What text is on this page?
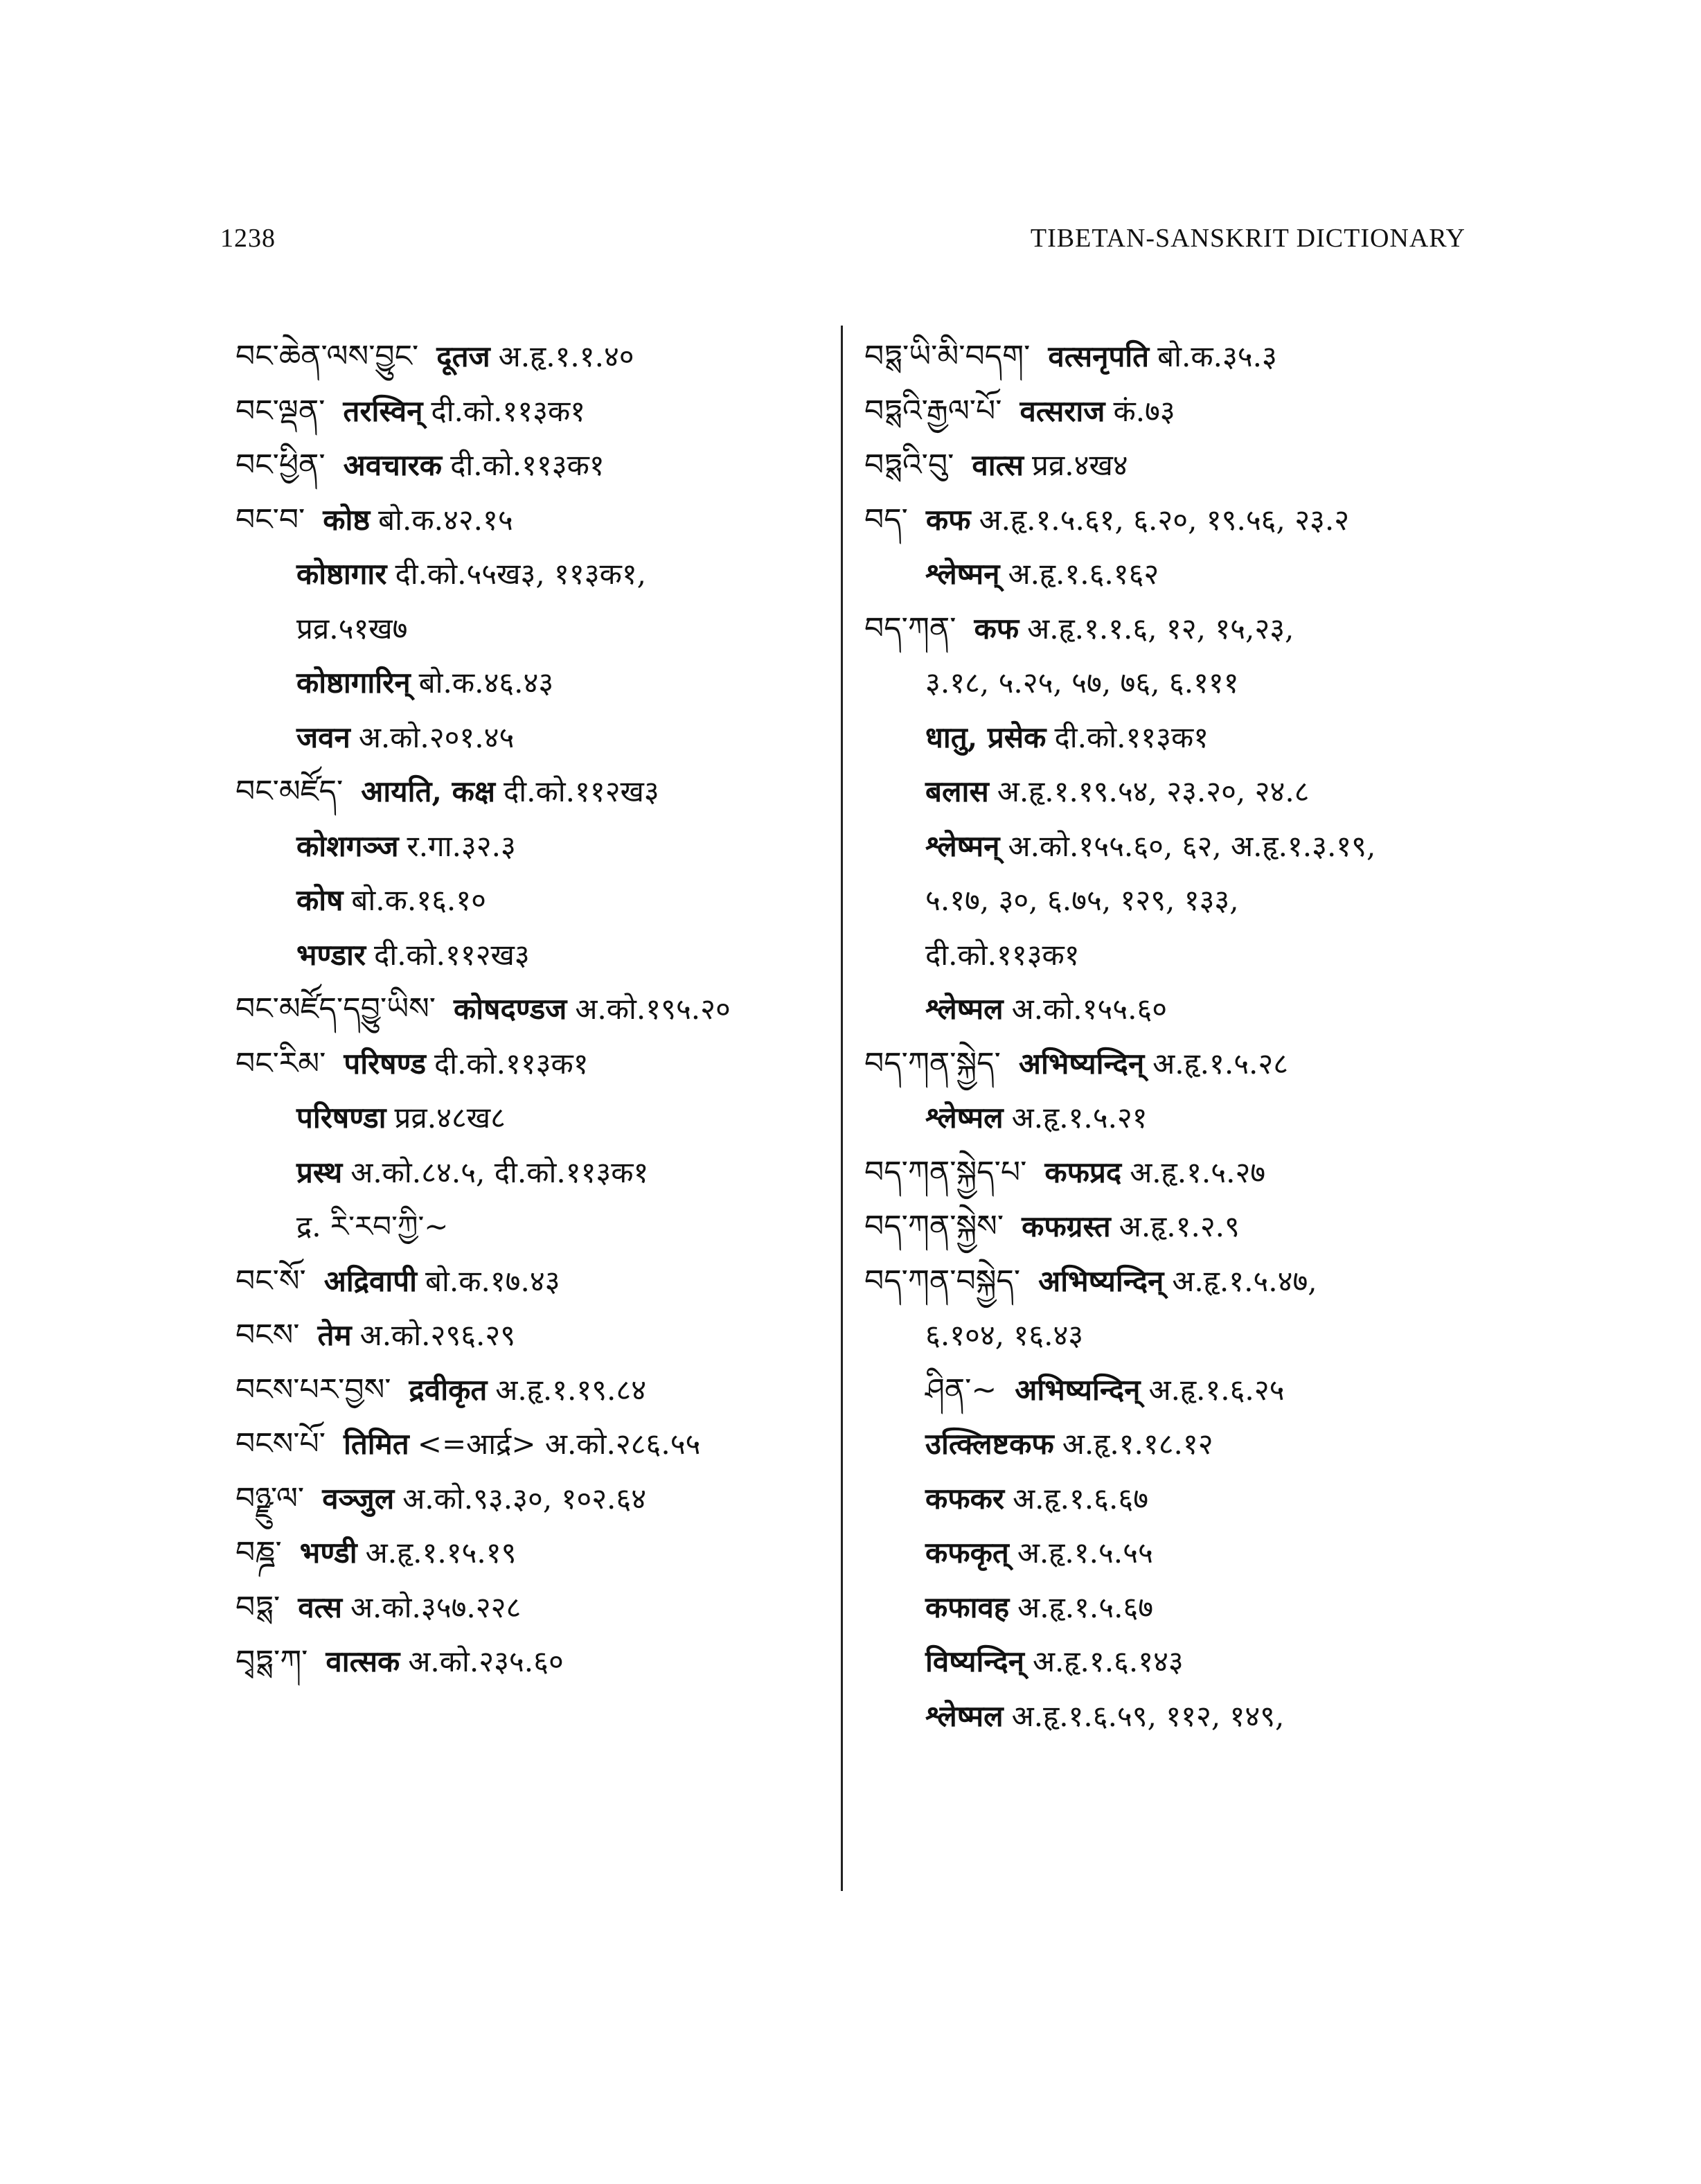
1238	TIBETAN-SANSKRIT DICTIONARY
བང་ཆེན་ལས་བྱུང་ दूतज अ.हृ.१.१.४०
བང་ལྡན་ तरस्विन् दी.को.११३क१
བང་ཕྱིན་ अवचारक दी.को.११३क१
བང་བ་ कोष्ठ बो.क.४२.१५
कोष्ठागार दी.को.५५ख३, ११३क१,
प्रव्र.५१ख७
कोष्ठागारिन् बो.क.४६.४३
जवन अ.को.२०१.४५
བང་མཛོད་ आयति, कक्ष दी.को.११२ख३
कोशगञ्ज र.गा.३२.३
कोष बो.क.१६.१०
भण्डार दी.को.११२ख३
བང་མཛོད་དབྱུ་ཡིས་ कोषदण्डज अ.को.१९५.२०
བང་རིམ་ परिषण्ड दी.को.११३क१
परिषण्डा प्रव्र.४८ख८
प्रस्थ अ.को.८४.५, दी.को.११३क१
द्र. རི་རབ་ཀྱི་~
བང་སོ་ अद्रिवापी बो.क.१७.४३
བངས་ तेम अ.को.२९६.२९
བངས་པར་བྱས་ द्रवीकृत अ.हृ.१.१९.८४
བངས་པོ་ तिमित <=आर्द्र> अ.को.२८६.५५
བཉྫུ་ལ་ वञ्जुल अ.को.९३.३०, १०२.६४
བཎྜ་ भण्डी अ.हृ.१.१५.१९
བཏྶ་ वत्स अ.को.३५७.२२८
བྭཏྶ་ཀ་ वात्सक अ.को.२३५.६०
བཏྶ་ཡི་མི་བདག་ वत्सनृपति बो.क.३५.३
བཏྶའི་རྒྱལ་པོ་ वत्सराज कं.७३
བཏྶའི་བུ་ वात्स प्रव्र.४ख४
བད་ कफ अ.हृ.१.५.६१, ६.२०, १९.५६, २३.२
श्लेष्मन् अ.हृ.१.६.१६२
བད་ཀན་ कफ अ.हृ.१.१.६, १२, १५,२३,
३.१८, ५.२५, ५७, ७६, ६.१११
धातु, प्रसेक दी.को.११३क१
बलास अ.हृ.१.१९.५४, २३.२०, २४.८
श्लेष्मन् अ.को.१५५.६०, ६२, अ.हृ.१.३.१९,
५.१७, ३०, ६.७५, १२९, १३३,
दी.को.११३क१
श्लेष्मल अ.को.१५५.६०
བད་ཀན་སྐྱེད་ अभिष्यन्दिन् अ.हृ.१.५.२८
श्लेष्मल अ.हृ.१.५.२१
བད་ཀན་སྐྱེད་པ་ कफप्रद अ.हृ.१.५.२७
བད་ཀན་སྐྱེས་ कफग्रस्त अ.हृ.१.२.९
བད་ཀན་བསྐྱེད་ अभिष्यन्दिन् अ.हृ.१.५.४७,
६.१०४, १६.४३
ཤིན་~ अभिष्यन्दिन् अ.हृ.१.६.२५
उत्क्लिष्टकफ अ.हृ.१.१८.१२
कफकर अ.हृ.१.६.६७
कफकृत् अ.हृ.१.५.५५
कफावह अ.हृ.१.५.६७
विष्यन्दिन् अ.हृ.१.६.१४३
श्लेष्मल अ.हृ.१.६.५९, ११२, १४९,
